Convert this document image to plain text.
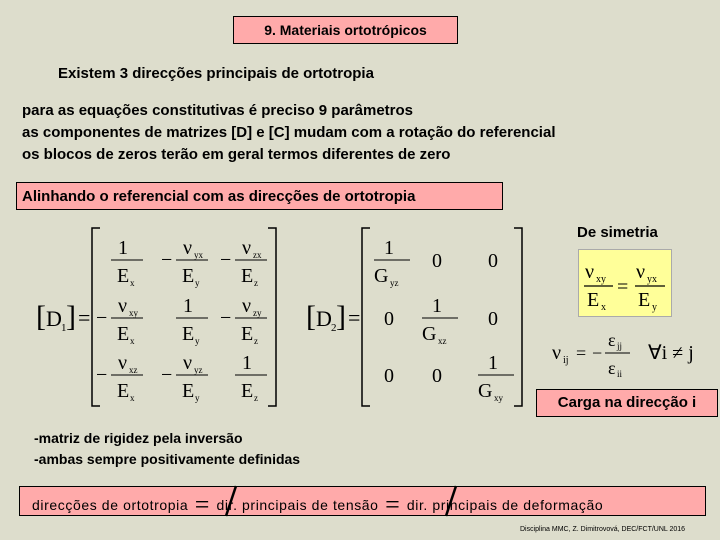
9. Materiais ortotrópicos
Existem 3 direcções principais de ortotropia
para as equações constitutivas é preciso 9 parâmetros
as componentes de matrizes [D] e [C] mudam com a rotação do referencial
os blocos de zeros terão em geral termos diferentes de zero
Alinhando o referencial com as direcções de ortotropia
[ D 1 ] =
1
E x
−
ν yx
E y
−
ν zx
E z
−
ν xy
E x
1
E y
−
ν zy
E z
−
ν xz
E x
−
ν yz
E y
1
E z
[ D 2 ] =
1
G yz
0 0
0
1
G xz
0
0 0
1
G xy
De simetria
ν xy
E x
=
ν yx
E y
ν ij = −
ε jj
ε ii
∀i ≠ j
Carga na direcção i
-matriz de rigidez pela inversão
-ambas sempre positivamente definidas
direcções de ortotropia = dir. principais de tensão = dir. principais de deformação
Disciplina MMC, Z. Dimitrovová, DEC/FCT/UNL 2016
